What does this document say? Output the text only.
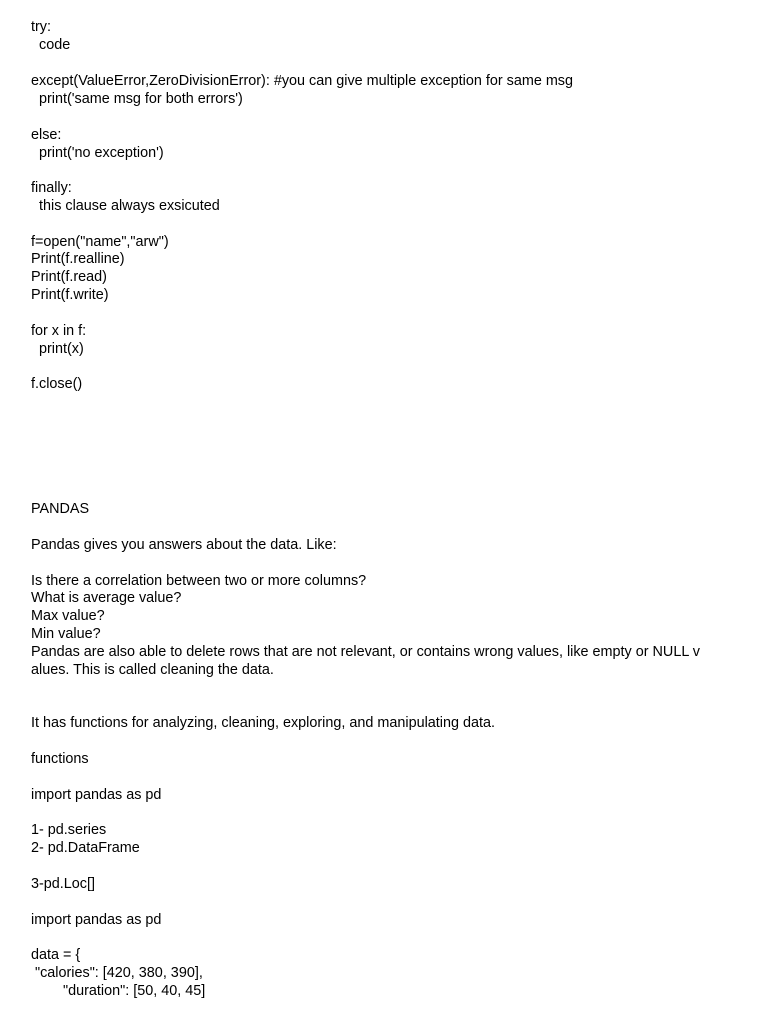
try:
code
except(ValueError,ZeroDivisionError): #you can give multiple exception for same msg
print('same msg for both errors')
else:
print('no exception')
finally:
this clause always exsicuted
f=open("name","arw")
Print(f.realline)
Print(f.read)
Print(f.write)
for x in f:
print(x)
f.close()
PANDAS
Pandas gives you answers about the data. Like:
Is there a correlation between two or more columns?
What is average value?
Max value?
Min value?
Pandas are also able to delete rows that are not relevant, or contains wrong values, like empty or NULL v
alues. This is called cleaning the data.
It has functions for analyzing, cleaning, exploring, and manipulating data.
functions
import pandas as pd
1- pd.series
2- pd.DataFrame
3-pd.Loc[]
import pandas as pd
data = {
"calories": [420, 380, 390],
"duration": [50, 40, 45]
